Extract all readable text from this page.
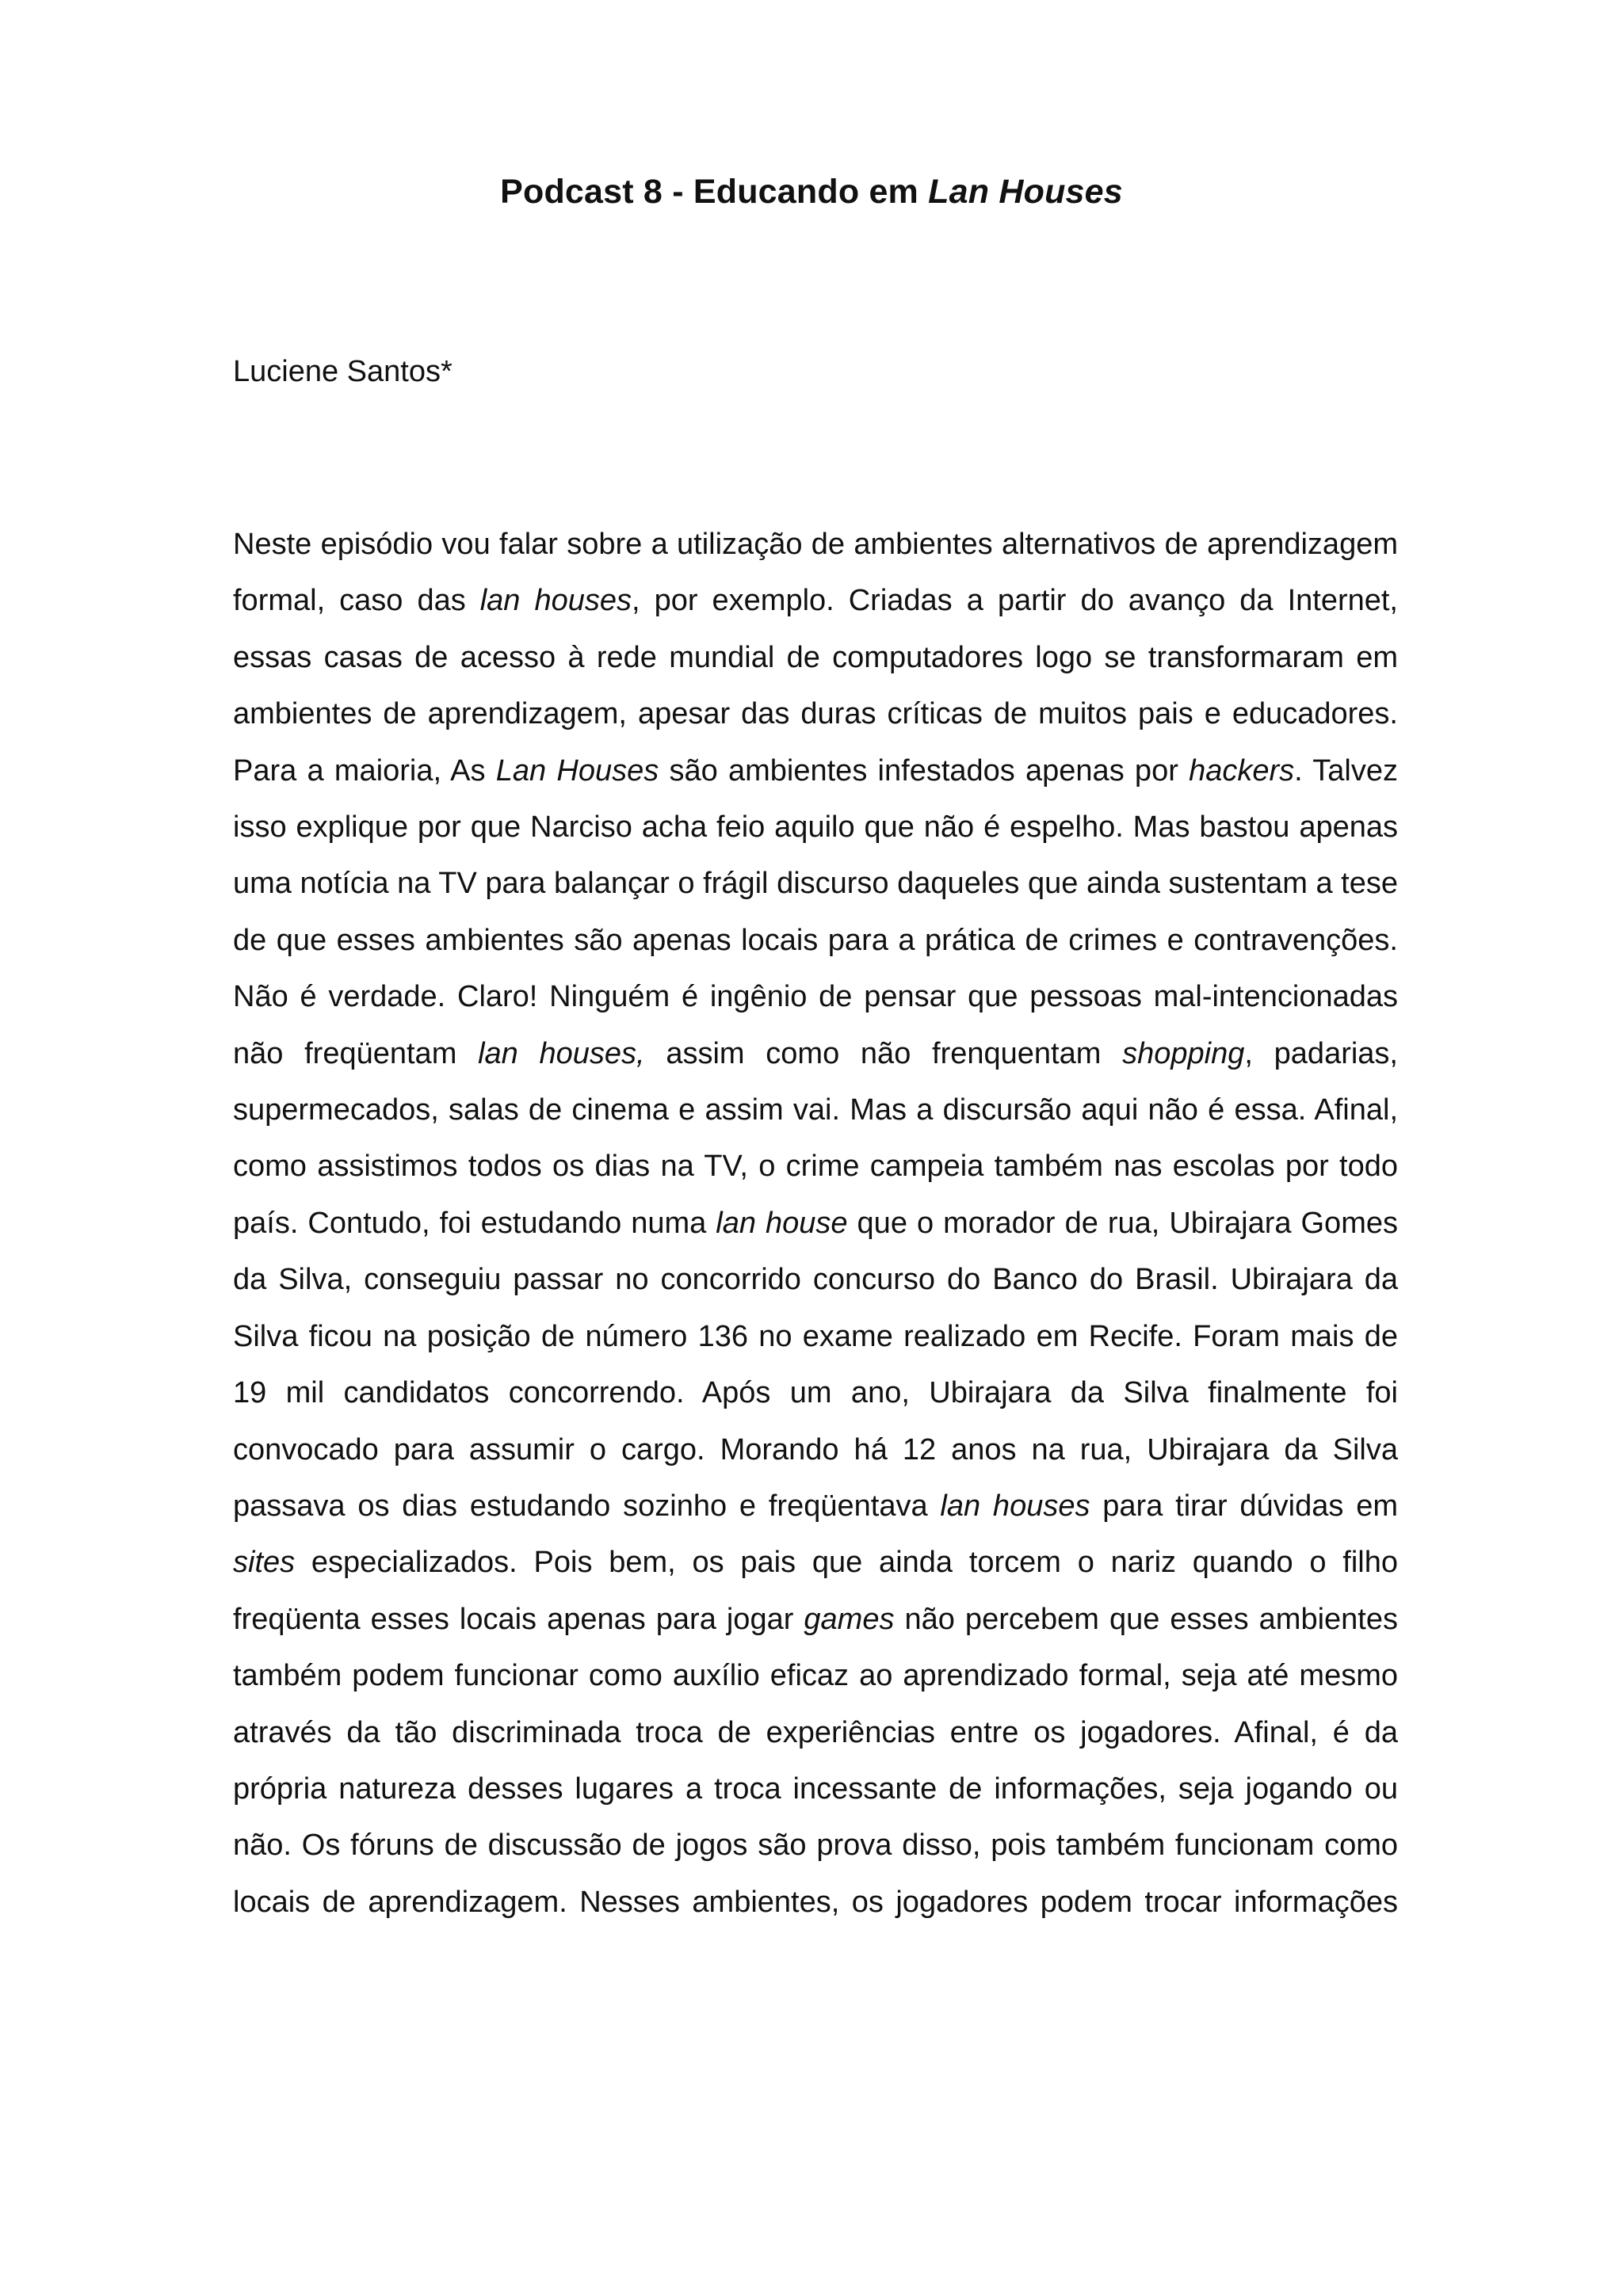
Podcast 8 - Educando em Lan Houses

Luciene Santos*

Neste episódio vou falar sobre a utilização de ambientes alternativos de aprendizagem formal, caso das lan houses, por exemplo. Criadas a partir do avanço da Internet, essas casas de acesso à rede mundial de computadores logo se transformaram em ambientes de aprendizagem, apesar das duras críticas de muitos pais e educadores. Para a maioria, As Lan Houses são ambientes infestados apenas por hackers. Talvez isso explique por que Narciso acha feio aquilo que não é espelho. Mas bastou apenas uma notícia na TV para balançar o frágil discurso daqueles que ainda sustentam a tese de que esses ambientes são apenas locais para a prática de crimes e contravenções. Não é verdade. Claro! Ninguém é ingênio de pensar que pessoas mal-intencionadas não freqüentam lan houses, assim como não frenquentam shopping, padarias, supermecados, salas de cinema e assim vai. Mas a discursão aqui não é essa. Afinal, como assistimos todos os dias na TV, o crime campeia também nas escolas por todo país. Contudo, foi estudando numa lan house que o morador de rua, Ubirajara Gomes da Silva, conseguiu passar no concorrido concurso do Banco do Brasil. Ubirajara da Silva ficou na posição de número 136 no exame realizado em Recife. Foram mais de 19 mil candidatos concorrendo. Após um ano, Ubirajara da Silva finalmente foi convocado para assumir o cargo. Morando há 12 anos na rua, Ubirajara da Silva passava os dias estudando sozinho e freqüentava lan houses para tirar dúvidas em sites especializados. Pois bem, os pais que ainda torcem o nariz quando o filho freqüenta esses locais apenas para jogar games não percebem que esses ambientes também podem funcionar como auxílio eficaz ao aprendizado formal, seja até mesmo através da tão discriminada troca de experiências entre os jogadores. Afinal, é da própria natureza desses lugares a troca incessante de informações, seja jogando ou não. Os fóruns de discussão de jogos são prova disso, pois também funcionam como locais de aprendizagem. Nesses ambientes, os jogadores podem trocar informações
